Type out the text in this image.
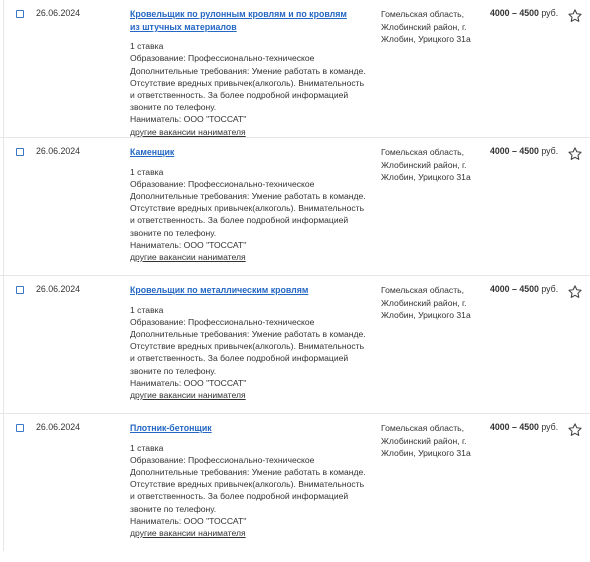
26.06.2024	Кровельщик по рулонным кровлям и по кровлям из штучных материалов
1 ставка
Образование: Профессионально-техническое
Дополнительные требования: Умение работать в команде. Отсутствие вредных привычек(алкоголь). Внимательность и ответственность. За более подробной информацией звоните по телефону.
Наниматель: ООО "ТОССАТ"
другие вакансии нанимателя
Гомельская область, Жлобинский район, г. Жлобин, Урицкого 31а
4000 – 4500 руб.
26.06.2024	Каменщик
1 ставка
Образование: Профессионально-техническое
Дополнительные требования: Умение работать в команде. Отсутствие вредных привычек(алкоголь). Внимательность и ответственность. За более подробной информацией звоните по телефону.
Наниматель: ООО "ТОССАТ"
другие вакансии нанимателя
Гомельская область, Жлобинский район, г. Жлобин, Урицкого 31а
4000 – 4500 руб.
26.06.2024	Кровельщик по металлическим кровлям
1 ставка
Образование: Профессионально-техническое
Дополнительные требования: Умение работать в команде. Отсутствие вредных привычек(алкоголь). Внимательность и ответственность. За более подробной информацией звоните по телефону.
Наниматель: ООО "ТОССАТ"
другие вакансии нанимателя
Гомельская область, Жлобинский район, г. Жлобин, Урицкого 31а
4000 – 4500 руб.
26.06.2024	Плотник-бетонщик
1 ставка
Образование: Профессионально-техническое
Дополнительные требования: Умение работать в команде. Отсутствие вредных привычек(алкоголь). Внимательность и ответственность. За более подробной информацией звоните по телефону.
Наниматель: ООО "ТОССАТ"
другие вакансии нанимателя
Гомельская область, Жлобинский район, г. Жлобин, Урицкого 31а
4000 – 4500 руб.
